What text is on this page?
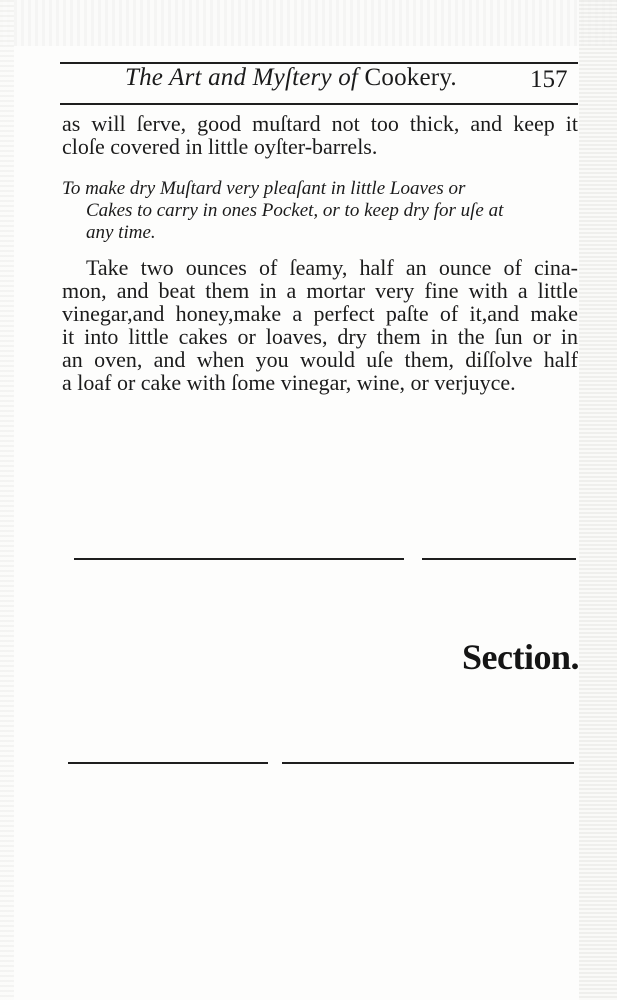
The Art and Myſtery of Cookery.	157
as will ſerve, good muſtard not too thick, and keep it
cloſe covered in little oyſter-barrels.
To make dry Muſtard very pleaſant in little Loaves or
Cakes to carry in ones Pocket, or to keep dry for uſe at
any time.
Take two ounces of ſeamy, half an ounce of cina-
mon, and beat them in a mortar very fine with a little
vinegar,and honey,make a perfect paſte of it,and make
it into little cakes or loaves, dry them in the ſun or in
an oven, and when you would uſe them, diſſolve half
a loaf or cake with ſome vinegar, wine, or verjuyce.
Section.
